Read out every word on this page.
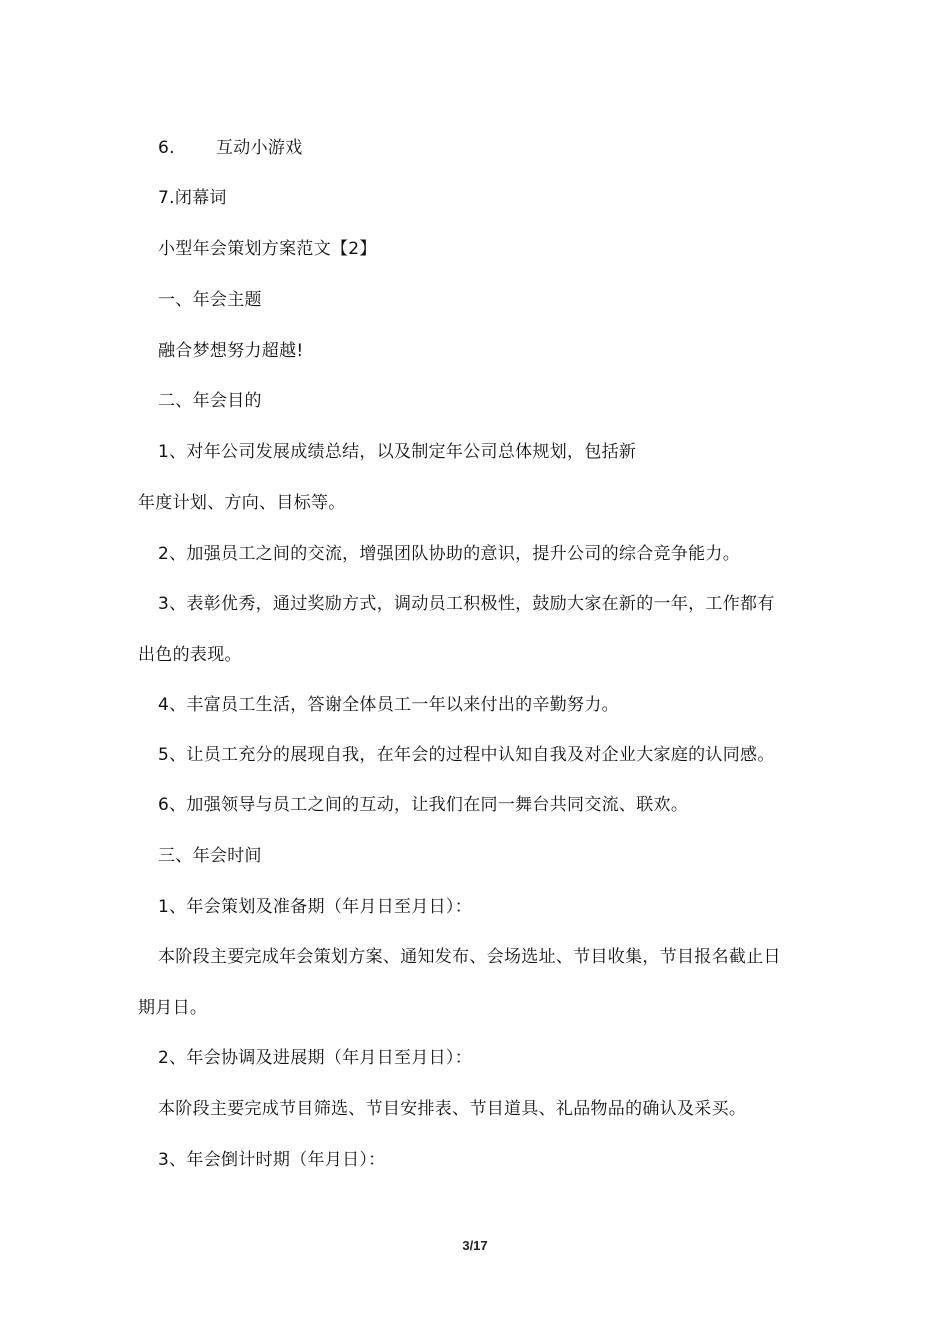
6. 互动小游戏
7.闭幕词
小型年会策划方案范文【2】
一、年会主题
融合梦想努力超越!
二、年会目的
1、对年公司发展成绩总结，以及制定年公司总体规划，包括新
年度计划、方向、目标等。
2、加强员工之间的交流，增强团队协助的意识，提升公司的综合竞争能力。
3、表彰优秀，通过奖励方式，调动员工积极性，鼓励大家在新的一年，工作都有
出色的表现。
4、丰富员工生活，答谢全体员工一年以来付出的辛勤努力。
5、让员工充分的展现自我，在年会的过程中认知自我及对企业大家庭的认同感。
6、加强领导与员工之间的互动，让我们在同一舞台共同交流、联欢。
三、年会时间
1、年会策划及准备期（年月日至月日）：
本阶段主要完成年会策划方案、通知发布、会场选址、节目收集，节目报名截止日
期月日。
2、年会协调及进展期（年月日至月日）：
本阶段主要完成节目筛选、节目安排表、节目道具、礼品物品的确认及采买。
3、年会倒计时期（年月日）：
3/17
